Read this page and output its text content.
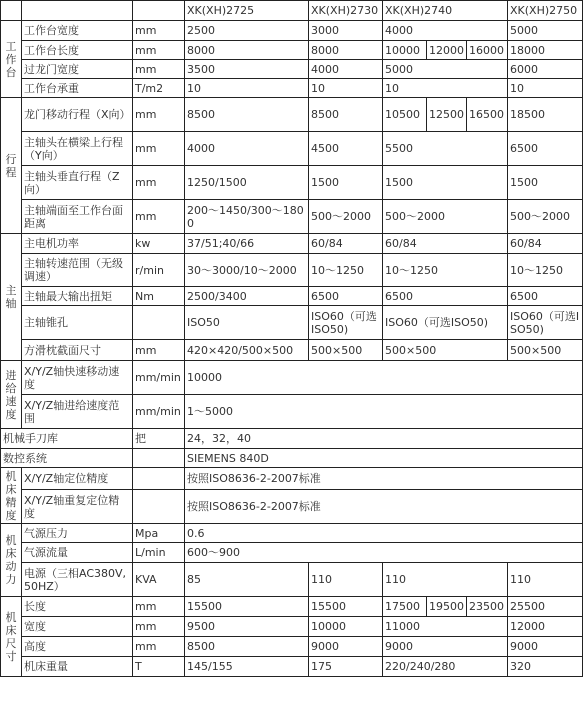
			XK(XH)2725	XK(XH)2730	XK(XH)2740			XK(XH)2750

工作台	工作台宽度	mm	2500	3000	4000			5000
	工作台长度	mm	8000	8000	10000	12000	16000	18000
	过龙门宽度	mm	3500	4000	5000			6000
	工作台承重	T/m2	10	10	10			10

行程	龙门移动行程（X向）	mm	8500	8500	10500	12500	16500	18500
	主轴头在横梁上行程（Y向）	mm	4000	4500	5500			6500
	主轴头垂直行程（Z向）	mm	1250/1500	1500	1500			1500
	主轴端面至工作台面距离	mm	200～1450/300～1800	500～2000	500～2000			500～2000

主轴	主电机功率	kw	37/51;40/66	60/84	60/84			60/84
	主轴转速范围（无级调速）	r/min	30～3000/10～2000	10～1250	10～1250			10～1250
	主轴最大输出扭矩	Nm	2500/3400	6500	6500			6500
	主轴锥孔		ISO50	ISO60（可选ISO50)	ISO60（可选ISO50)			ISO60（可选ISO50)
	方滑枕截面尺寸	mm	420×420/500×500	500×500	500×500			500×500

进给速度	X/Y/Z轴快速移动速度	mm/min	10000					
	X/Y/Z轴进给速度范围	mm/min	1～5000					
机械手刀库		把	24，32，40					
数控系统			SIEMENS 840D					

机床精度	X/Y/Z轴定位精度		按照ISO8636-2-2007标准					
	X/Y/Z轴重复定位精度		按照ISO8636-2-2007标准					

机床动力	气源压力	Mpa	0.6					
	气源流量	L/min	600～900					
	电源（三相AC380V,50HZ）	KVA	85	110	110			110

机床尺寸	长度	mm	15500	15500	17500	19500	23500	25500
	宽度	mm	9500	10000	11000			12000
	高度	mm	8500	9000	9000			9000
	机床重量	T	145/155	175	220/240/280			320
